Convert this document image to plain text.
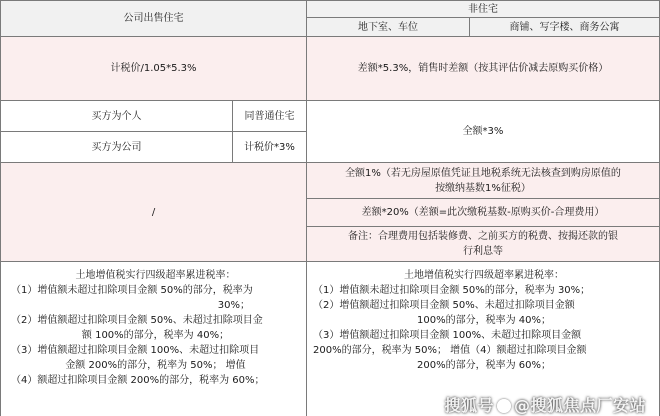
公司出售住宅
非住宅
地下室、车位	商铺、写字楼、商务公寓
计税价/1.05*5.3%	差额*5.3%，销售时差额（按其评估价减去原购买价格）
买方为个人	同普通住宅
买方为公司	计税价*3%
全额*3%
/
全额1%（若无房屋原值凭证且地税系统无法核查到购房原值的
按缴纳基数1%征税）
差额*20%（差额=此次缴税基数-原购买价-合理费用）
备注：合理费用包括装修费、之前买方的税费、按揭还款的银
行利息等
土地增值税实行四级超率累进税率：
（1）增值额未超过扣除项目金额 50%的部分，税率为
30%；
（2）增值额超过扣除项目金额 50%、未超过扣除项目金
额 100%的部分，税率为 40%；
（3）增值额超过扣除项目金额 100%、未超过扣除项目
金额 200%的部分，税率为 50%； 增值
（4）额超过扣除项目金额 200%的部分，税率为 60%；
土地增值税实行四级超率累进税率：
（1）增值额未超过扣除项目金额 50%的部分，税率为 30%；
（2）增值额超过扣除项目金额 50%、未超过扣除项目金额
100%的部分，税率为 40%；
（3）增值额超过扣除项目金额 100%、未超过扣除项目金额
200%的部分，税率为 50%； 增值（4）额超过扣除项目金额
200%的部分，税率为 60%；
搜狐号 @搜狐焦点厂安站
